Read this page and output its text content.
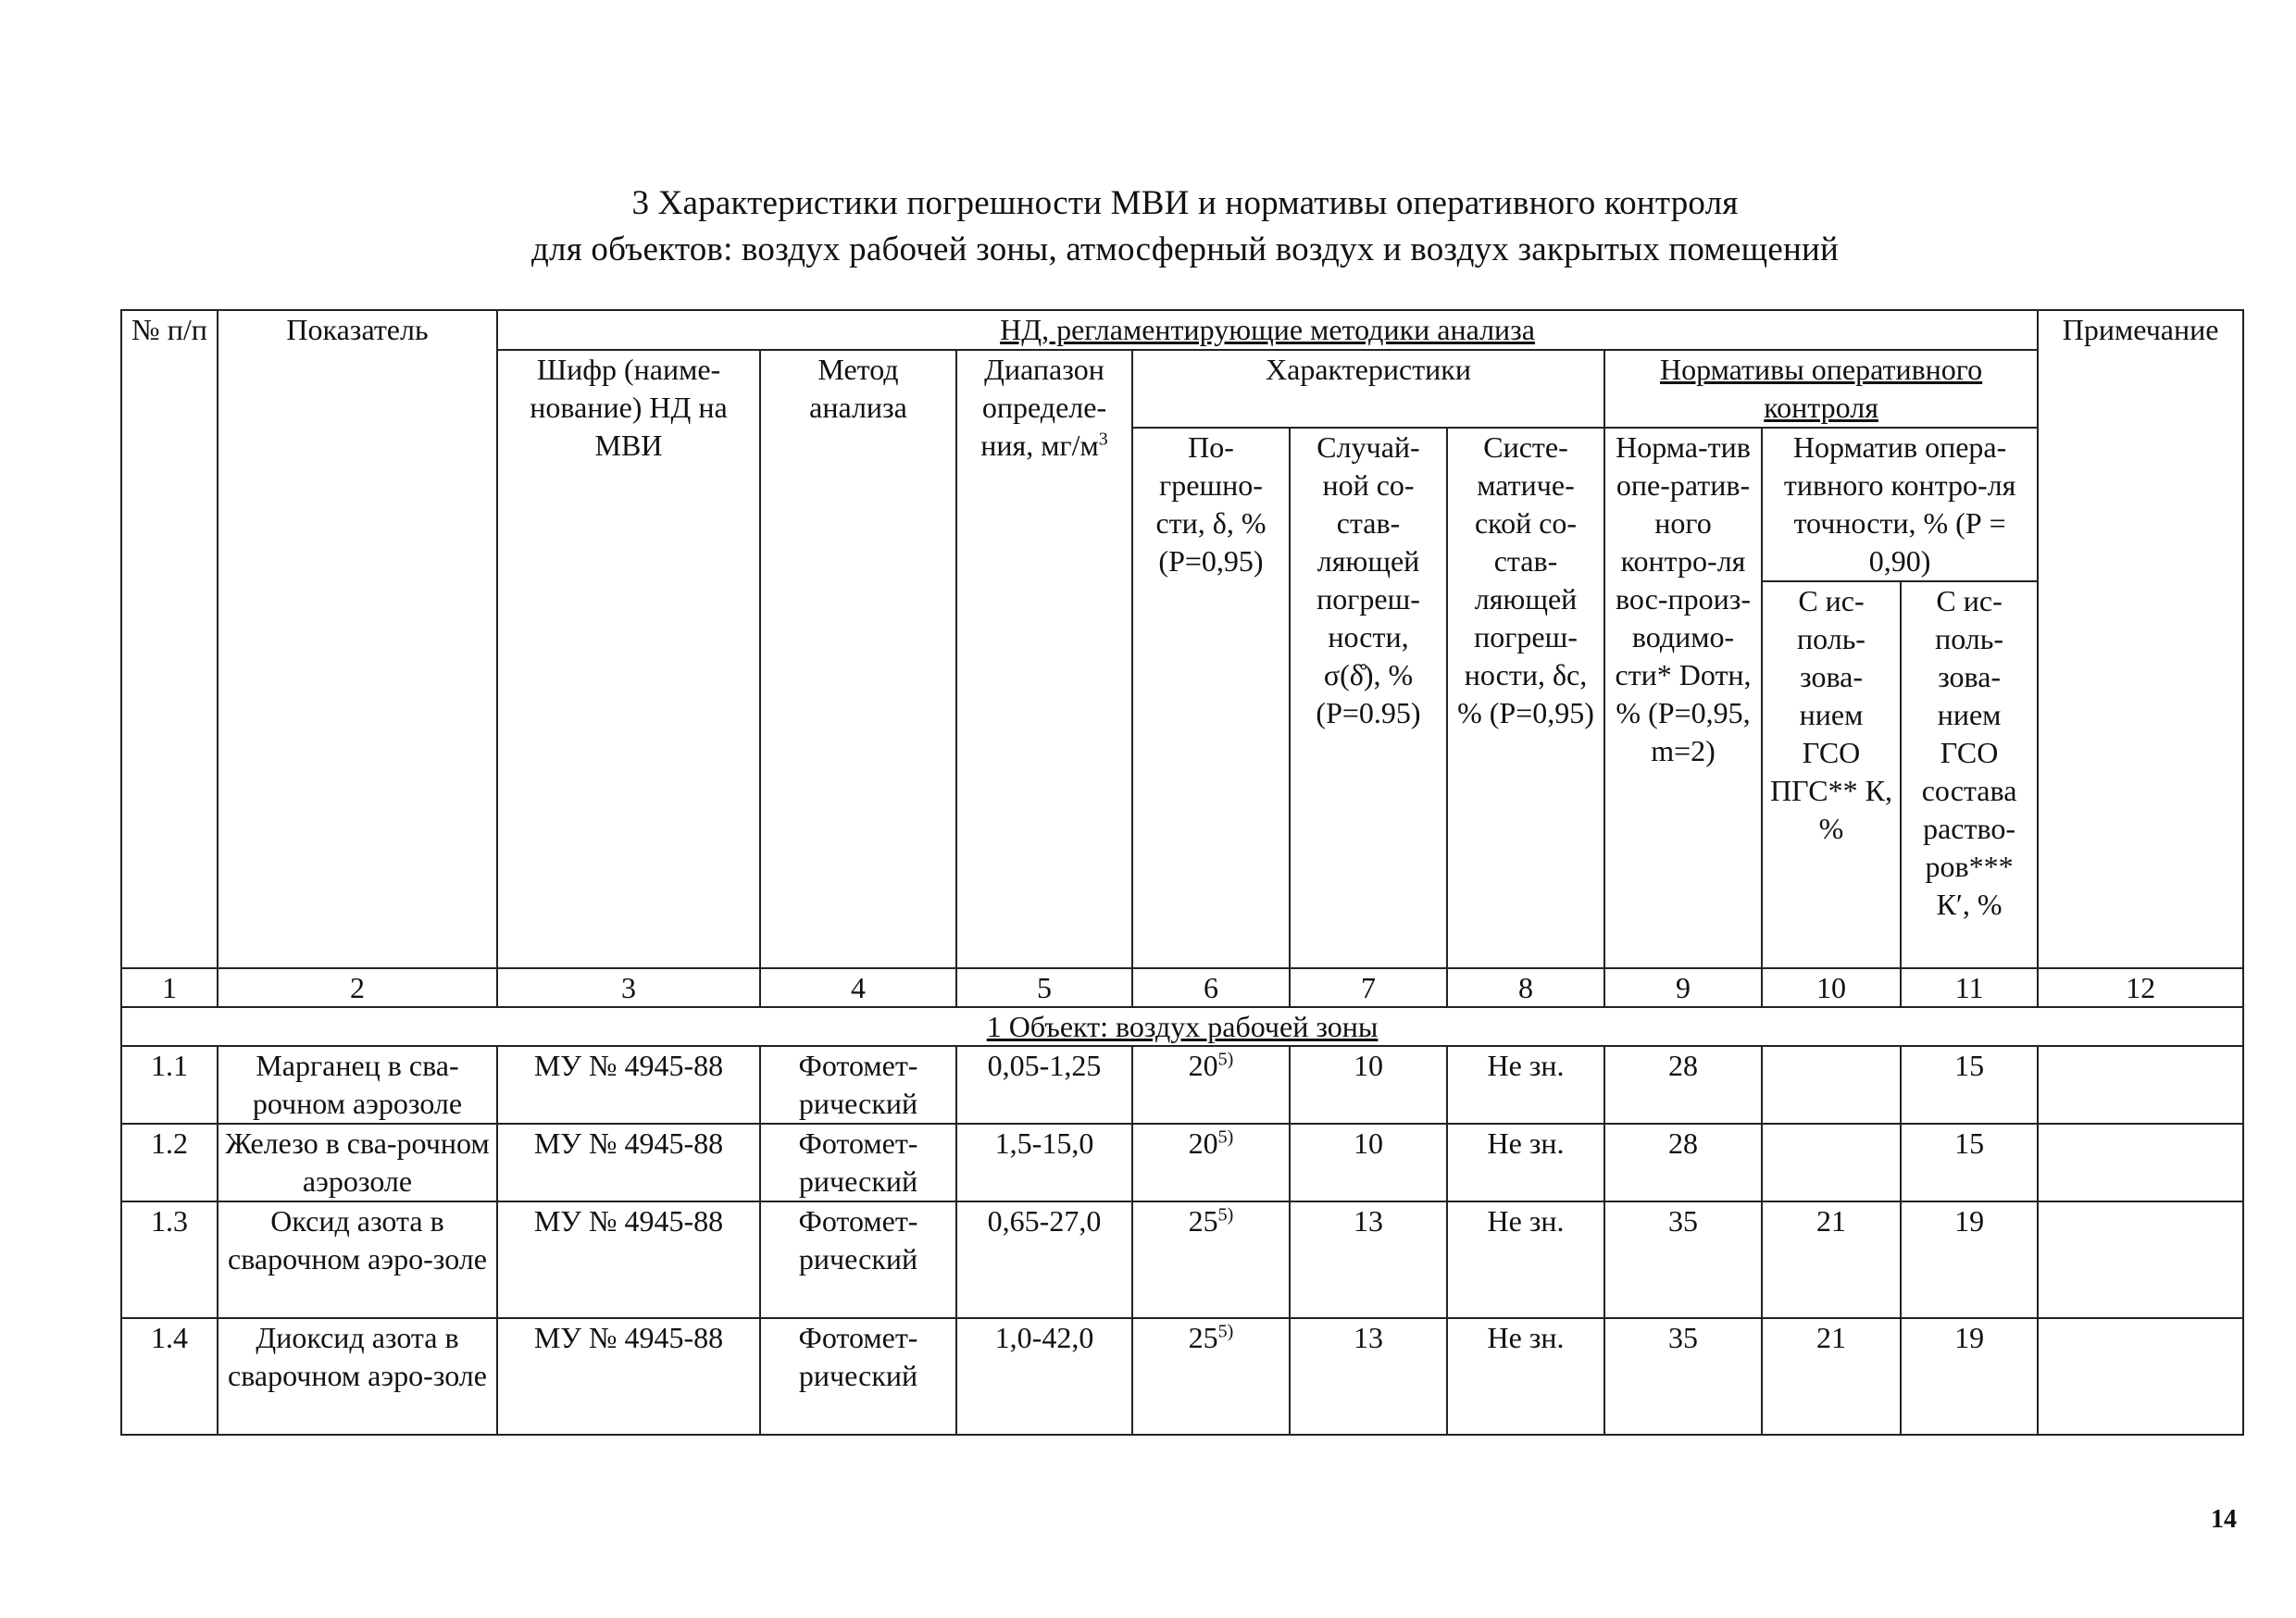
3 Характеристики погрешности МВИ и нормативы оперативного контроля
для объектов: воздух рабочей зоны, атмосферный воздух и воздух закрытых помещений
№ п/п	Показатель	НД, регламентирующие методики анализа									Примечание
		Шифр (наиме-нование) НД на МВИ	Метод анализа	Диапазон определе-ния, $мг/м^3$	Характеристики			Нормативы оперативного контроля			
					По-грешно-сти, δ, % (Р=0,95)	Случай-ной со-став-ляющей погреш-ности, σ(δ̊), % (Р=0.95)	Систе-матиче-ской со-став-ляющей погреш-ности, δс, % (Р=0,95)	Норма-тив опе-ратив-ного контро-ля вос-произ-водимо-сти* Dотн, % (Р=0,95, m=2)	Норматив опера-тивного контро-ля точности, % (Р = 0,90)		
									С ис-поль-зова-нием ГСО ПГС** К, %	С ис-поль-зова-нием ГСО состава раство-ров*** К′, %	

1	2	3	4	5	6	7	8	9	10	11	12
1 Объект: воздух рабочей зоны											
1.1	Марганец в сва-рочном аэрозоле	МУ № 4945-88	Фотомет-рический	0,05-1,25	20$^{5)}$	10	Не зн.	28		15	
1.2	Железо в сва-рочном аэрозоле	МУ № 4945-88	Фотомет-рический	1,5-15,0	20$^{5)}$	10	Не зн.	28		15	
1.3	Оксид азота в сварочном аэро-золе	МУ № 4945-88	Фотомет-рический	0,65-27,0	25$^{5)}$	13	Не зн.	35	21	19	
1.4	Диоксид азота в сварочном аэро-золе	МУ № 4945-88	Фотомет-рический	1,0-42,0	25$^{5)}$	13	Не зн.	35	21	19	
14
